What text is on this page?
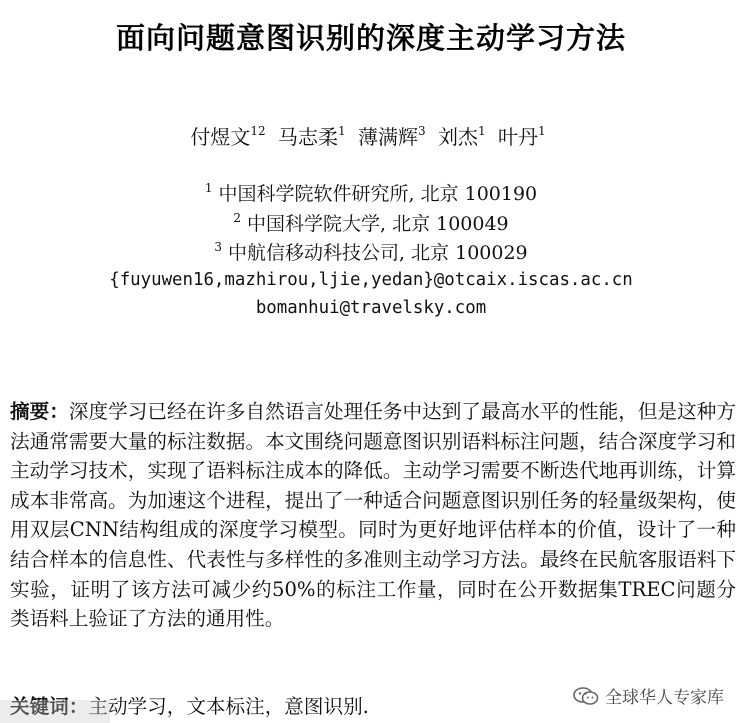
面向问题意图识别的深度主动学习方法
付煜文$^{12}$ 马志柔$^1$ 薄满辉$^3$ 刘杰$^1$ 叶丹$^1$
$^1$ 中国科学院软件研究所, 北京 100190
$^2$ 中国科学院大学, 北京 100049
$^3$ 中航信移动科技公司, 北京 100029
{fuyuwen16,mazhirou,ljie,yedan}@otcaix.iscas.ac.cn
bomanhui@travelsky.com
摘要：深度学习已经在许多自然语言处理任务中达到了最高水平的性能，但是这种方法通常需要大量的标注数据。本文围绕问题意图识别语料标注问题，结合深度学习和主动学习技术，实现了语料标注成本的降低。主动学习需要不断迭代地再训练，计算成本非常高。为加速这个进程，提出了一种适合问题意图识别任务的轻量级架构，使用双层CNN结构组成的深度学习模型。同时为更好地评估样本的价值，设计了一种结合样本的信息性、代表性与多样性的多准则主动学习方法。最终在民航客服语料下实验，证明了该方法可减少约50%的标注工作量，同时在公开数据集TREC问题分类语料上验证了方法的通用性。
关键词：主动学习，文本标注，意图识别.	全球华人专家库
